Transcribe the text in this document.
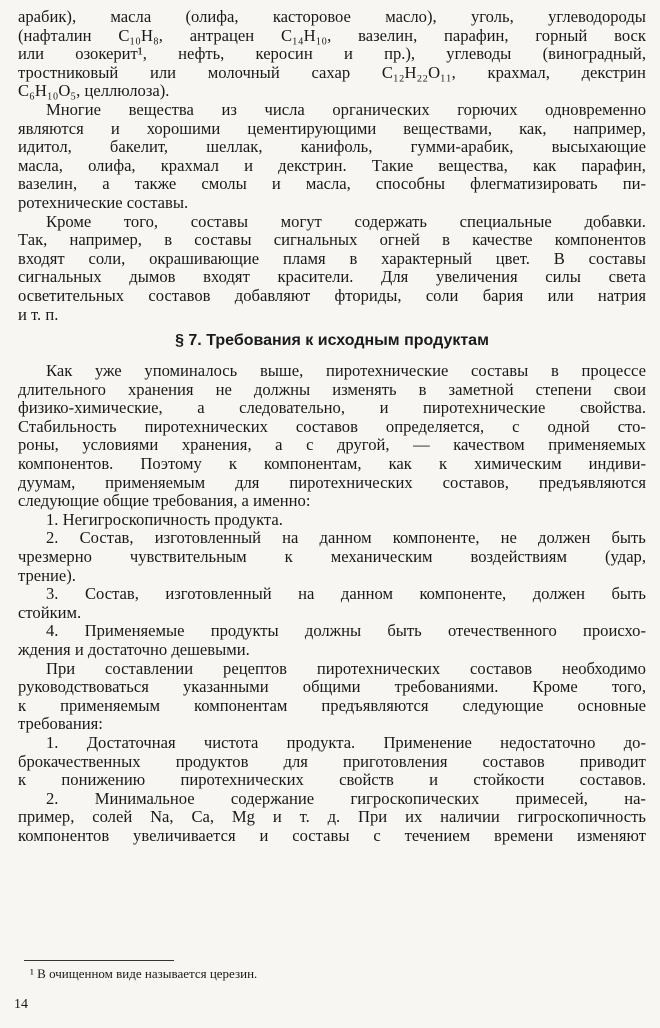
арабик), масла (олифа, касторовое масло), уголь, углеводороды
(нафталин C₁₀H₈, антрацен C₁₄H₁₀, вазелин, парафин, горный воск
или озокерит¹, нефть, керосин и пр.), углеводы (виноградный,
тростниковый или молочный сахар C₁₂H₂₂O₁₁, крахмал, декстрин
C₆H₁₀O₅, целлюлоза).
Многие вещества из числа органических горючих одновременно
являются и хорошими цементирующими веществами, как, например,
идитол, бакелит, шеллак, канифоль, гумми-арабик, высыхающие
масла, олифа, крахмал и декстрин. Такие вещества, как парафин,
вазелин, а также смолы и масла, способны флегматизировать пи-
ротехнические составы.
Кроме того, составы могут содержать специальные добавки.
Так, например, в составы сигнальных огней в качестве компонентов
входят соли, окрашивающие пламя в характерный цвет. В составы
сигнальных дымов входят красители. Для увеличения силы света
осветительных составов добавляют фториды, соли бария или натрия
и т. п.
§ 7. Требования к исходным продуктам
Как уже упоминалось выше, пиротехнические составы в процессе
длительного хранения не должны изменять в заметной степени свои
физико-химические, а следовательно, и пиротехнические свойства.
Стабильность пиротехнических составов определяется, с одной сто-
роны, условиями хранения, а с другой, — качеством применяемых
компонентов. Поэтому к компонентам, как к химическим индиви-
дуумам, применяемым для пиротехнических составов, предъявляются
следующие общие требования, а именно:
1. Негигроскопичность продукта.
2. Состав, изготовленный на данном компоненте, не должен быть
чрезмерно чувствительным к механическим воздействиям (удар,
трение).
3. Состав, изготовленный на данном компоненте, должен быть
стойким.
4. Применяемые продукты должны быть отечественного происхо-
ждения и достаточно дешевыми.
При составлении рецептов пиротехнических составов необходимо
руководствоваться указанными общими требованиями. Кроме того,
к применяемым компонентам предъявляются следующие основные
требования:
1. Достаточная чистота продукта. Применение недостаточно до-
брокачественных продуктов для приготовления составов приводит
к понижению пиротехнических свойств и стойкости составов.
2. Минимальное содержание гигроскопических примесей, на-
пример, солей Na, Ca, Mg и т. д. При их наличии гигроскопичность
компонентов увеличивается и составы с течением времени изменяют
¹ В очищенном виде называется церезин.
14
